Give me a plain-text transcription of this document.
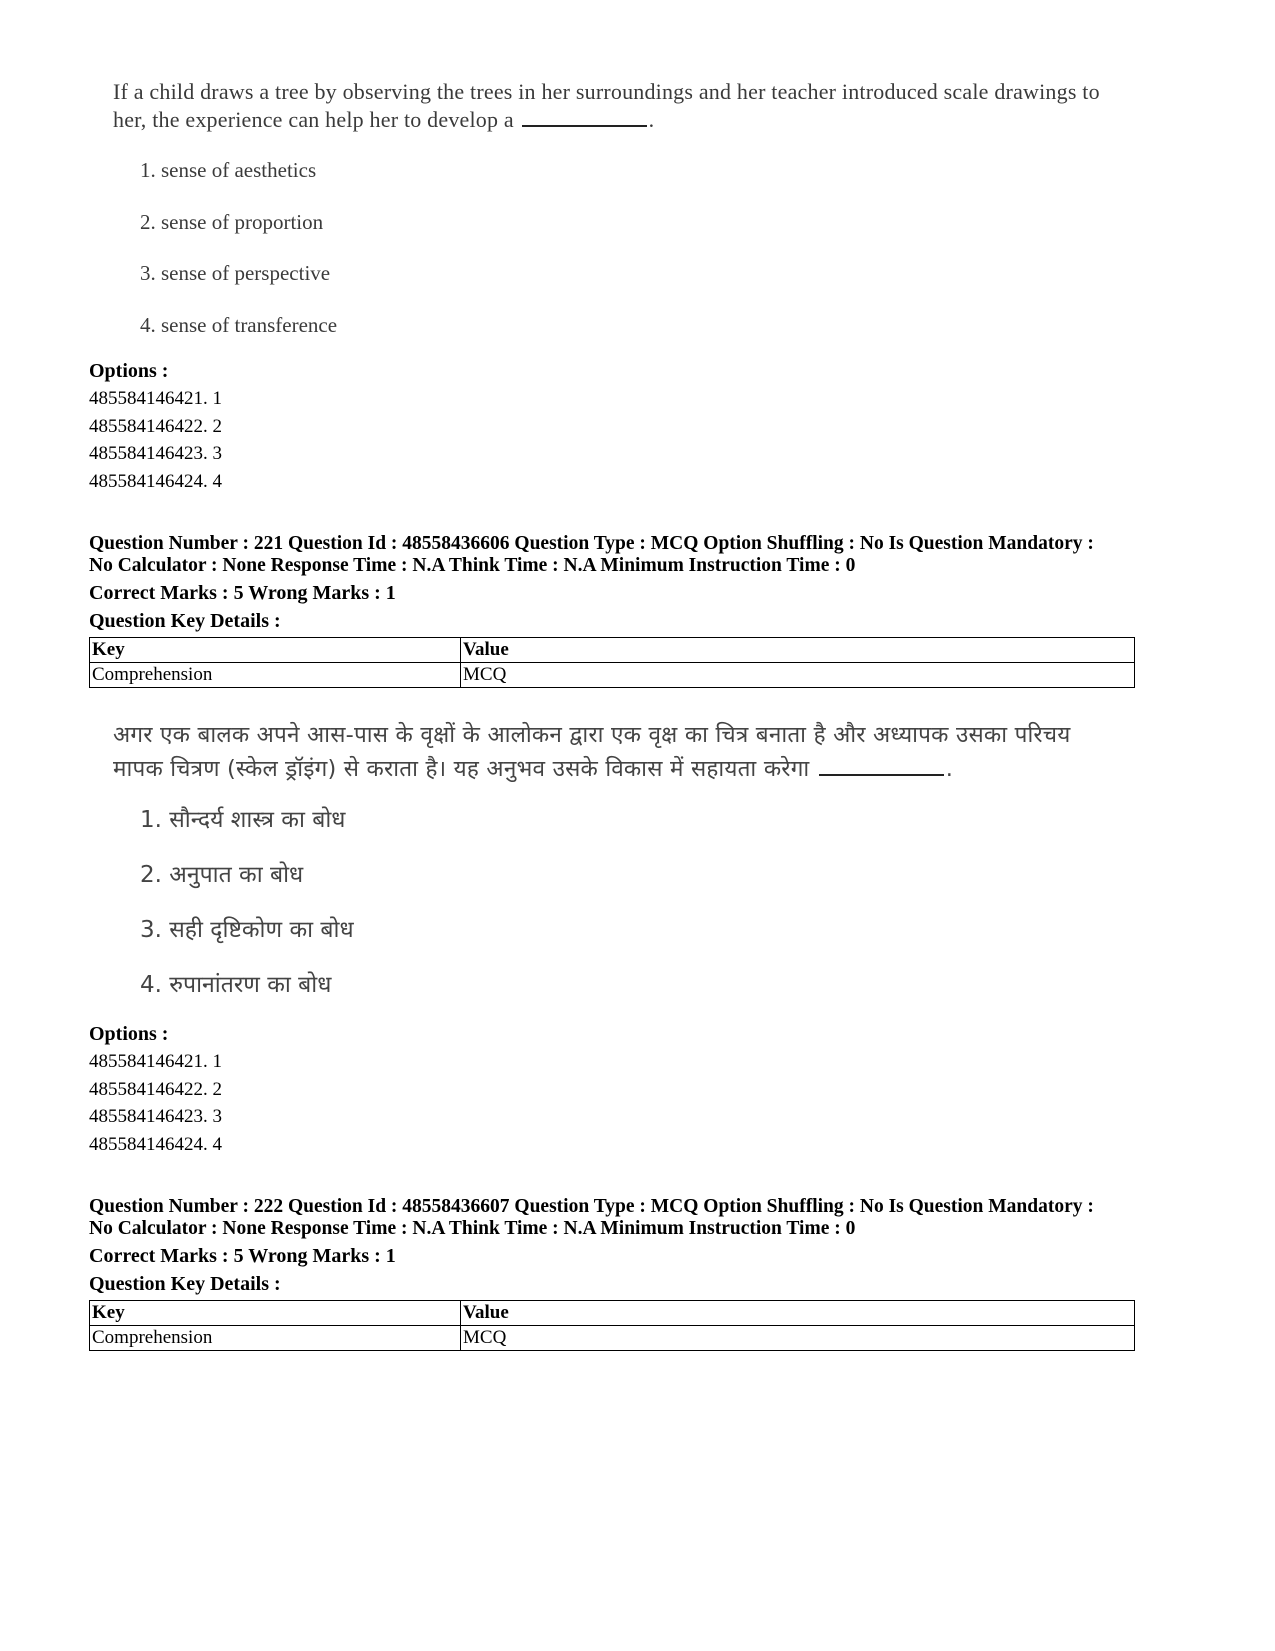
If a child draws a tree by observing the trees in her surroundings and her teacher introduced scale drawings to
her, the experience can help her to develop a	.
1. sense of aesthetics
2. sense of proportion
3. sense of perspective
4. sense of transference
Options :
485584146421. 1
485584146422. 2
485584146423. 3
485584146424. 4
Question Number : 221 Question Id : 48558436606 Question Type : MCQ Option Shuffling : No Is Question Mandatory :
No Calculator : None Response Time : N.A Think Time : N.A Minimum Instruction Time : 0
Correct Marks : 5 Wrong Marks : 1
Question Key Details :
Key	Value
Comprehension	MCQ
अगर एक बालक अपने आस-पास के वृक्षों के आलोकन द्वारा एक वृक्ष का चित्र बनाता है और अध्यापक उसका परिचय
मापक चित्रण (स्केल ड्रॉइंग) से कराता है। यह अनुभव उसके विकास में सहायता करेगा	.
1. सौन्दर्य शास्त्र का बोध
2. अनुपात का बोध
3. सही दृष्टिकोण का बोध
4. रुपानांतरण का बोध
Options :
485584146421. 1
485584146422. 2
485584146423. 3
485584146424. 4
Question Number : 222 Question Id : 48558436607 Question Type : MCQ Option Shuffling : No Is Question Mandatory :
No Calculator : None Response Time : N.A Think Time : N.A Minimum Instruction Time : 0
Correct Marks : 5 Wrong Marks : 1
Question Key Details :
Key	Value
Comprehension	MCQ
